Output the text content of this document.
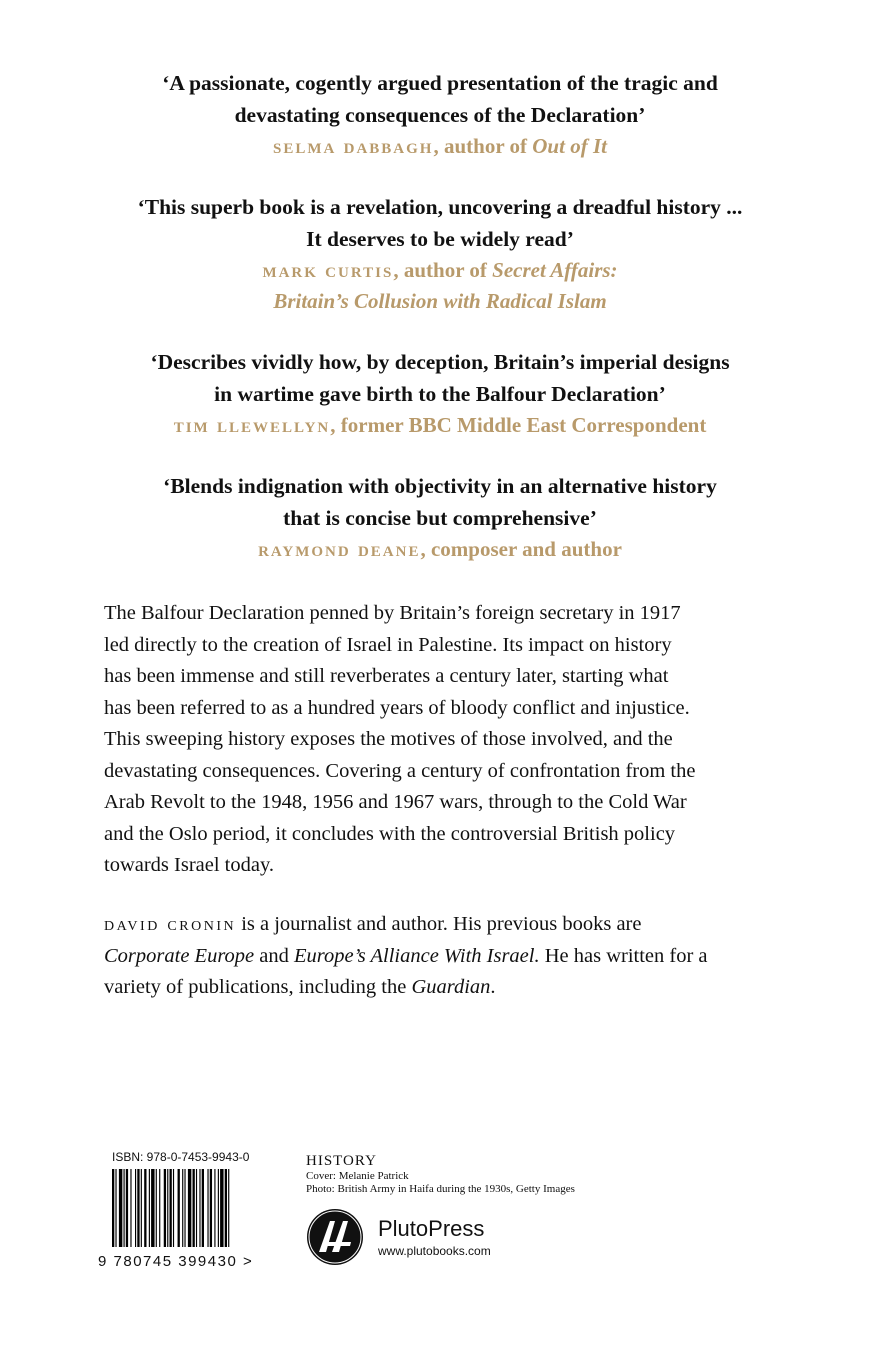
‘A passionate, cogently argued presentation of the tragic and
devastating consequences of the Declaration’
selma dabbagh, author of Out of It
‘This superb book is a revelation, uncovering a dreadful history ...
It deserves to be widely read’
mark curtis, author of Secret Affairs:
Britain’s Collusion with Radical Islam
‘Describes vividly how, by deception, Britain’s imperial designs
in wartime gave birth to the Balfour Declaration’
tim llewellyn, former BBC Middle East Correspondent
‘Blends indignation with objectivity in an alternative history
that is concise but comprehensive’
raymond deane, composer and author
The Balfour Declaration penned by Britain’s foreign secretary in 1917
led directly to the creation of Israel in Palestine. Its impact on history
has been immense and still reverberates a century later, starting what
has been referred to as a hundred years of bloody conflict and injustice.
This sweeping history exposes the motives of those involved, and the
devastating consequences. Covering a century of confrontation from the
Arab Revolt to the 1948, 1956 and 1967 wars, through to the Cold War
and the Oslo period, it concludes with the controversial British policy
towards Israel today.
david cronin is a journalist and author. His previous books are
Corporate Europe and Europe’s Alliance With Israel. He has written for a
variety of publications, including the Guardian.
ISBN: 978-0-7453-9943-0
9 780745 399430 >
HISTORY
Cover: Melanie Patrick
Photo: British Army in Haifa during the 1930s, Getty Images
PlutoPress
www.plutobooks.com
